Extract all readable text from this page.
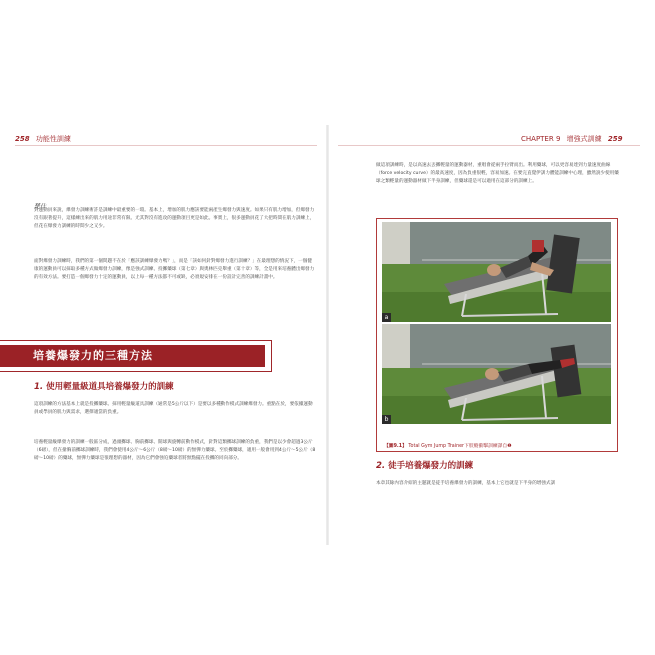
258 功能性訓練	CHAPTER 9 增強式訓練 259
楚什
對運動員來說，爆發力訓練術許是訓練中最重要的一環。基本上，增加的肌力應該要能兩產生爆發力與速度。如果只有肌力增加，但爆發力沒有跟著提升，這樣練出來的肌力用途非常有限。尤其對沒有進攻的運動項目更是如此。事實上，很多運動員花了大把時間在肌力訓練上，但花在爆發力訓練的時間少之又少。
面對爆發力訓練時，我們的第一個問題不在於「應該訓練爆發力嗎？」，而是「該如何針對爆發力進行訓練？」在最理想的情況下，一個健康的運動員可以採取多種方式做爆發力訓練，像是強式訓練、投擲藥球（第七章）與奧林匹克舉重（第十章）等，全是用來培養體出爆發力的有效方法。要打造一個爆發力十定的運動員，以上每一種方法都不可或缺，必須規安排在一份設計完善的訓練計畫中。
培養爆發力的三種方法
1. 使用輕量級道具培養爆發力的訓練
這項訓練的方法基本上就是投擲藥球。採用輕量級道具訓練（通常是5公斤以下）是要以多種動作模式訓練爆發力。重點在於，要依據運動員或學員的肌力與需求，選擇適當的負重。
培養輕量級爆發力的訓練一般區分成，過頭擲球、胸前擲球、開球與旋轉前動作模式，針對這類擲球訓練的負重，我們是以少會超過3公斤（6磅），但在搶胸前擲球訓練時，我們會使用4公斤～6公斤（8磅～10磅）的無彈力藥球。至於擲藥球，適用一般會用到4公斤～5公斤（8磅～10磅）的藥球，無彈力藥球是很理想的器材，因為它們會強迫藥球者將無點擺在投擲的同向部分。
做這項訓練時，是以高速去丟擲輕量的運動器材，重唱會從兩手拉臂而出。利用藥球，可以更容易達到力量速度曲線（force velocity curve）的最高速度，因為負重很輕，容易加速。在要完直覺伊訓力體能訓練中心理，雖然說少使用藥球之類輕量的運動器材做下半身訓練，但藥球還是可以適用在這部分的訓練上。
a
b
【圖9.1】 Total Gym Jump Trainer下肢縱衝擊訓練譯自❶
2. 徒手培養爆發力的訓練
本章其餘內容介紹的主題就是徒手培養爆發力的訓練，基本上它也就是下半身的增強式訓
